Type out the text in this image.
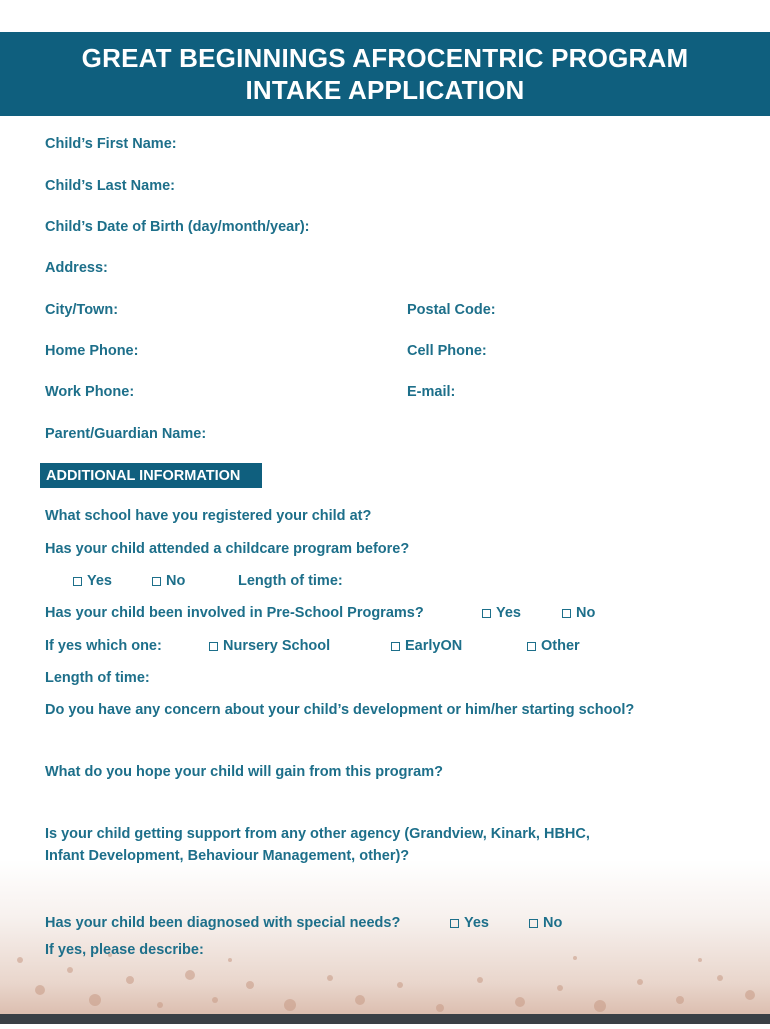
GREAT BEGINNINGS AFROCENTRIC PROGRAM
INTAKE APPLICATION
Child’s First Name:
Child’s Last Name:
Child’s Date of Birth (day/month/year):
Address:
City/Town:	Postal Code:
Home Phone:	Cell Phone:
Work Phone:	E-mail:
Parent/Guardian Name:
ADDITIONAL INFORMATION
What school have you registered your child at?
Has your child attended a childcare program before?
Yes	No	Length of time:
Has your child been involved in Pre-School Programs?	Yes	No
If yes which one:	Nursery School	EarlyON	Other
Length of time:
Do you have any concern about your child’s development or him/her starting school?
What do you hope your child will gain from this program?
Is your child getting support from any other agency (Grandview, Kinark, HBHC,
Infant Development, Behaviour Management, other)?
Has your child been diagnosed with special needs?	Yes	No
If yes, please describe:
